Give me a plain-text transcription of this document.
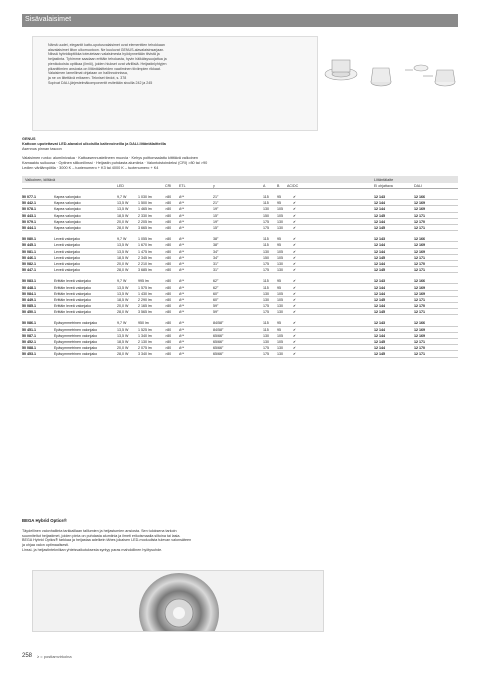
Sisävalaisimet

Nämä uudet, elegantit katto-upotusvalaisimet ovat elementtien tehokkaan

alavalaisimet liiton ulkomuotoon. Ne kuuluvat GENUS-alavalaisinsarjaan.

Niissä hybridioptiikka toteutetaan valaisimesta hyödynnetään tiivistä ja

heijastinta. Tyhimme saadaan erittäin tehokasta, hyvin häikäisysuojattua ja

pienikokoista optiikaa (ilmiö), joiden hiukset ovat värillisiä. Heijastinlyhtyjen

pikanittimien ansiosta on liitäntälaitteiden vaatiminen tiiviimpien rikkaat.

Valaisimen lamellimat ohjataan on hallinnoinnissa,

ja ne on liitettävä erikseen. Tekniset tiedot, s. 378

Sopivat DALI-järjestelmäkomponentit esitetään sivuilla 242 ja 245

GENUS

Kattoon upotettavat LED-alavalot ulkoisilla kaltevoineilla ja DALI-liitäntälaitteilla

Asennus pinnan tasoon

Valaisimen runko: alumiinivalua · Kattoasennustelineen muovia · Kehys poittomaalattu kittitävä valkoinen

Kamaaktu suikuosa · Optinen silikonilinssi · Heijastin puhdasta alumiinia · Valontoistoindeksi (CRI) >80 tai >90

Ledien värilämpötila · 3000 K – tuotenumero + K3 tai 4000 K – tuotenumero + K4

Valkoinen, kiiltävä	Liitäntälaite
LED	CRI ETL	γ	A	B AC/DC	Ei ohjattava	DALI
50 077.1	Kapea valonjako	9,7 W	1 030 lm	>80 A**	21°	115 95	✔	12 143	12 166
50 442.1	Kapea valonjako	13,5 W	1 500 lm	>80 A**	21°	115 95	✔	12 144	12 169
50 078.1	Kapea valonjako	13,5 W	1 465 lm	>80 A**	19°	130 105	✔	12 144	12 169
50 443.1	Kapea valonjako	18,5 W	2 330 lm	>80 A**	15°	150 105	✔	12 145	12 171
50 079.1	Kapea valonjako	20,0 W	2 205 lm	>80 A**	19°	175 130	✔	12 144	12 170
50 444.1	Kapea valonjako	28,0 W	3 665 lm	>80 A**	15°	175 130	✔	12 145	12 171
50 080.1	Leveä valonjako	9,7 W	1 055 lm	>80 A**	38°	115 95	✔	12 143	12 166
50 445.1	Leveä valonjako	13,5 W	1 670 lm	>80 A**	38°	115 95	✔	12 144	12 169
50 081.1	Leveä valonjako	13,5 W	1 475 lm	>80 A**	34°	130 105	✔	12 144	12 169
50 446.1	Leveä valonjako	18,5 W	2 345 lm	>80 A**	34°	150 105	✔	12 145	12 171
50 082.1	Leveä valonjako	20,0 W	2 210 lm	>80 A**	31°	175 130	✔	12 144	12 170
50 447.1	Leveä valonjako	28,0 W	3 685 lm	>80 A**	31°	175 130	✔	12 145	12 171
50 083.1	Erittäin leveä valonjako	9,7 W	995 lm	>80 A**	62°	115 95	✔	12 143	12 166
50 448.1	Erittäin leveä valonjako	13,5 W	1 575 lm	>80 A**	62°	115 95	✔	12 144	12 169
50 084.1	Erittäin leveä valonjako	13,5 W	1 430 lm	>80 A**	60°	130 105	✔	12 144	12 169
50 449.1	Erittäin leveä valonjako	18,5 W	2 290 lm	>80 A**	60°	130 105	✔	12 145	12 171
50 085.1	Erittäin leveä valonjako	20,0 W	2 165 lm	>80 A**	59°	175 130	✔	12 144	12 170
50 450.1	Erittäin leveä valonjako	28,0 W	3 565 lm	>80 A**	59°	175 130	✔	12 145	12 171
50 086.1	Epäsymmetrinen valonjako	9,7 W	950 lm	>80 A**	84/58°	115 95	✔	12 143	12 166
50 451.1	Epäsymmetrinen valonjako	13,5 W	1 525 lm	>80 A**	84/58°	115 95	✔	12 144	12 169
50 087.1	Epäsymmetrinen valonjako	13,5 W	1 340 lm	>80 A**	65/66°	130 105	✔	12 144	12 169
50 452.1	Epäsymmetrinen valonjako	18,5 W	2 130 lm	>80 A**	65/66°	130 105	✔	12 145	12 171
50 088.1	Epäsymmetrinen valonjako	20,0 W	2 075 lm	>80 A**	65/66°	175 130	✔	12 144	12 170
50 453.1	Epäsymmetrinen valonjako	28,0 W	3 340 lm	>80 A**	65/66°	175 130	✔	12 145	12 171
BEGA Hybrid Optics®

Täydellinen valonhallinta tarkkaillaan talllumien ja heijastumien ansiosta. Sen tuloksena tarkoin

suunniteltut heijastimet, joiden pinta on puhdasta alumiinia ja ilmeti erikoismaalia siltoina tai lasia.

BEGA Hybrid Optics® tarkkaa ja heijastaa adelkein tähes jokaisen LED-moduulista tulevan valonsäteen

ja ohjaa valon optimaalisesti.

Linssi- ja heijastintekniikan yhteisvaikutuksesta syntyy paras mahdollinen hyötysuhde.

258 ≥ = postlamvirkolna
